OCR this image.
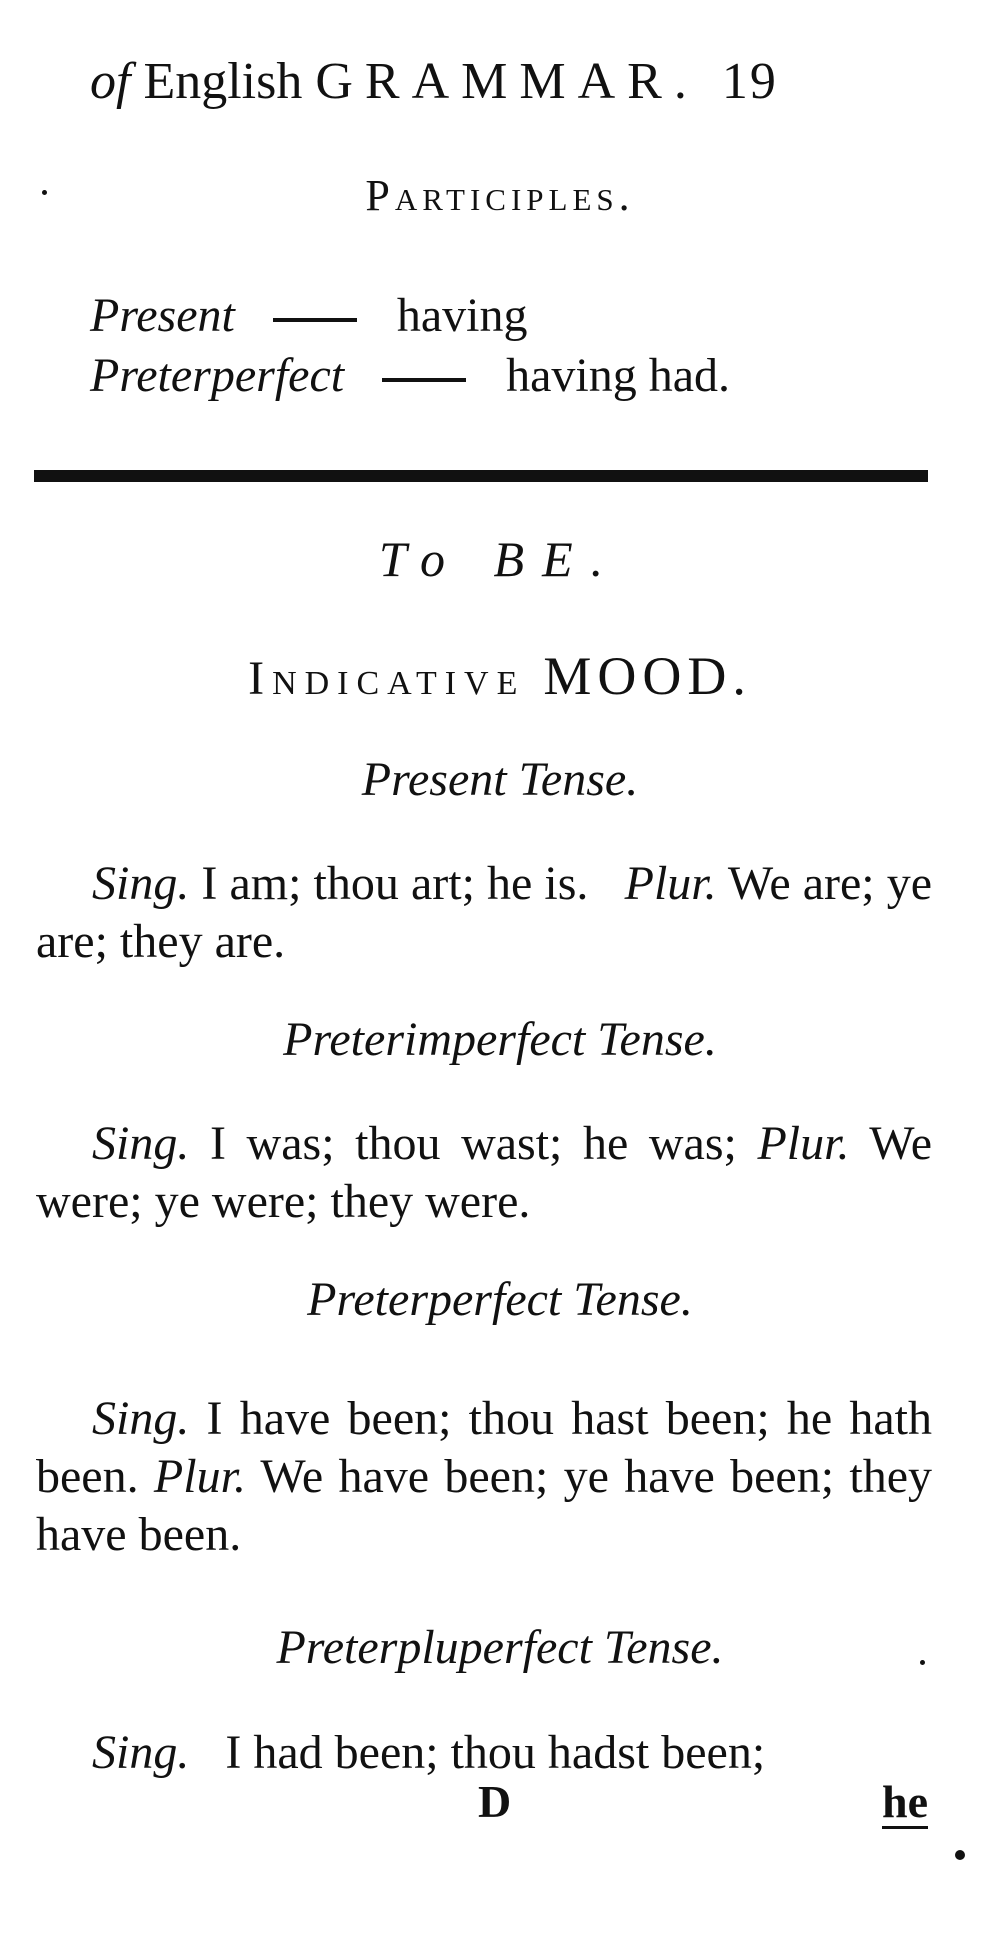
of English GRAMMAR. 19
Participles.
Present	having
Preterperfect	having had.
To BE.
Indicative MOOD.
Present Tense.
Sing. I am; thou art; he is. Plur. We are; ye are; they are.
Preterimperfect Tense.
Sing. I was; thou wast; he was; Plur. We were; ye were; they were.
Preterperfect Tense.
Sing. I have been; thou hast been; he hath been. Plur. We have been; ye have been; they have been.
Preterpluperfect Tense.
Sing. I had been; thou hadst been;
D	he
